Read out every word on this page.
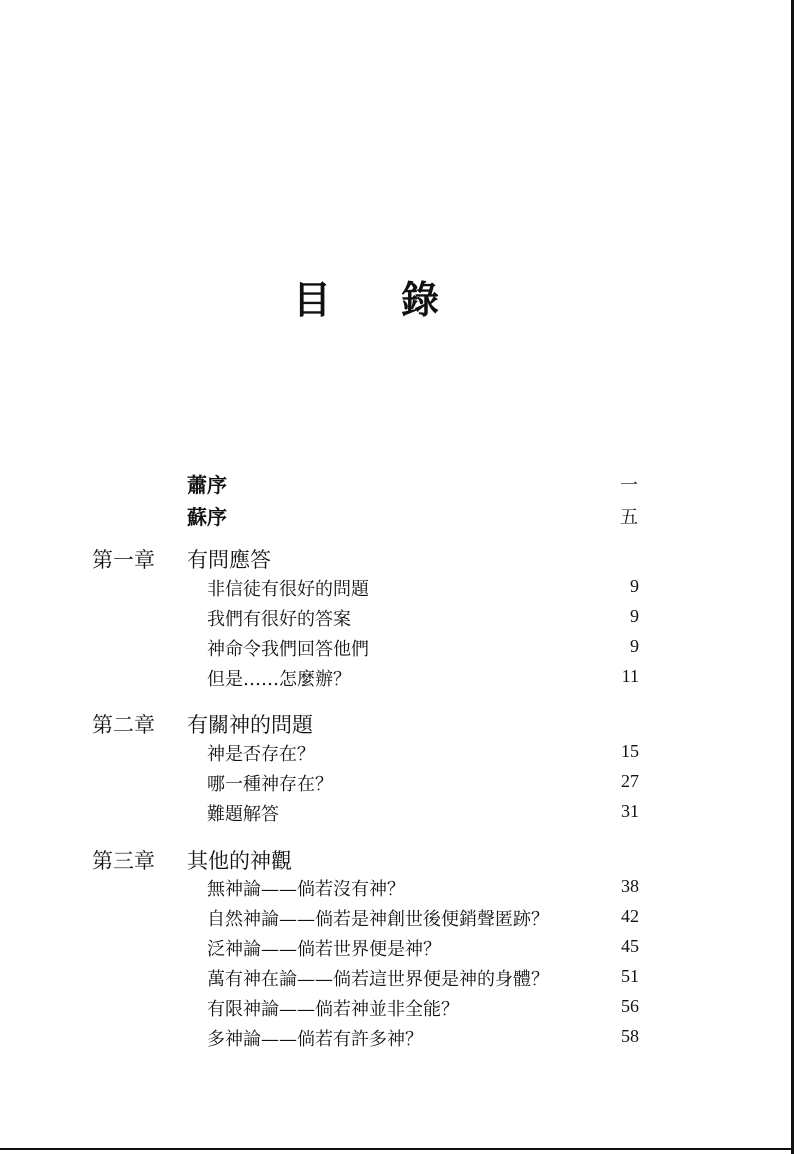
目 錄
蕭序	一
蘇序	五
第一章 有問應答
非信徒有很好的問題	9
我們有很好的答案	9
神命令我們回答他們	9
但是……怎麼辦？	11
第二章 有關神的問題
神是否存在？	15
哪一種神存在？	27
難題解答	31
第三章 其他的神觀
無神論——倘若沒有神？	38
自然神論——倘若是神創世後便銷聲匿跡？	42
泛神論——倘若世界便是神？	45
萬有神在論——倘若這世界便是神的身體？	51
有限神論——倘若神並非全能？	56
多神論——倘若有許多神？	58
